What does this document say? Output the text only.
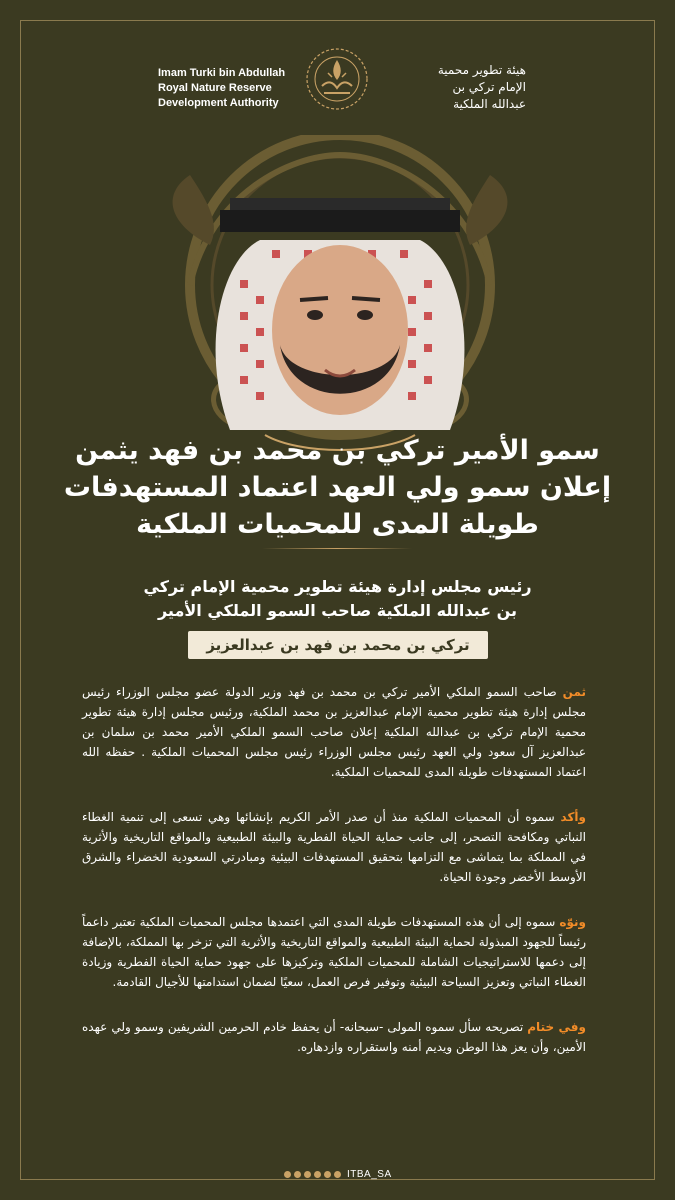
Imam Turki bin Abdullah
Royal Nature Reserve
Development Authority
هيئة تطوير محمية
الإمام تركي بن
عبدالله الملكية
سمو الأمير تركي بن محمد بن فهد يثمن
إعلان سمو ولي العهد اعتماد المستهدفات
طويلة المدى للمحميات الملكية
رئيس مجلس إدارة هيئة تطوير محمية الإمام تركي
بن عبدالله الملكية صاحب السمو الملكي الأمير
تركي بن محمد بن فهد بن عبدالعزيز

ثمن صاحب السمو الملكي الأمير تركي بن محمد بن فهد وزير الدولة عضو مجلس الوزراء رئيس مجلس إدارة هيئة تطوير محمية الإمام عبدالعزيز بن محمد الملكية، ورئيس مجلس إدارة هيئة تطوير محمية الإمام تركي بن عبدالله الملكية إعلان صاحب السمو الملكي الأمير محمد بن سلمان بن عبدالعزيز آل سعود ولي العهد رئيس مجلس الوزراء رئيس مجلس المحميات الملكية . حفظه الله اعتماد المستهدفات طويلة المدى للمحميات الملكية.

وأكد سموه أن المحميات الملكية منذ أن صدر الأمر الكريم بإنشائها وهي تسعى إلى تنمية الغطاء النباتي ومكافحة التصحر، إلى جانب حماية الحياة الفطرية والبيئة الطبيعية والمواقع التاريخية والأثرية في المملكة بما يتماشى مع التزامها بتحقيق المستهدفات البيئية ومبادرتي السعودية الخضراء والشرق الأوسط الأخضر وجودة الحياة.

ونوّه سموه إلى أن هذه المستهدفات طويلة المدى التي اعتمدها مجلس المحميات الملكية تعتبر داعماً رئيساً للجهود المبذولة لحماية البيئة الطبيعية والمواقع التاريخية والأثرية التي تزخر بها المملكة، بالإضافة إلى دعمها للاستراتيجيات الشاملة للمحميات الملكية وتركيزها على جهود حماية الحياة الفطرية وزيادة الغطاء النباتي وتعزيز السياحة البيئية وتوفير فرص العمل، سعيًا لضمان استدامتها للأجيال القادمة.

وفي ختام تصريحه سأل سموه المولى -سبحانه- أن يحفظ خادم الحرمين الشريفين وسمو ولي عهده الأمين، وأن يعز هذا الوطن ويديم أمنه واستقراره وازدهاره.

ITBA_SA
